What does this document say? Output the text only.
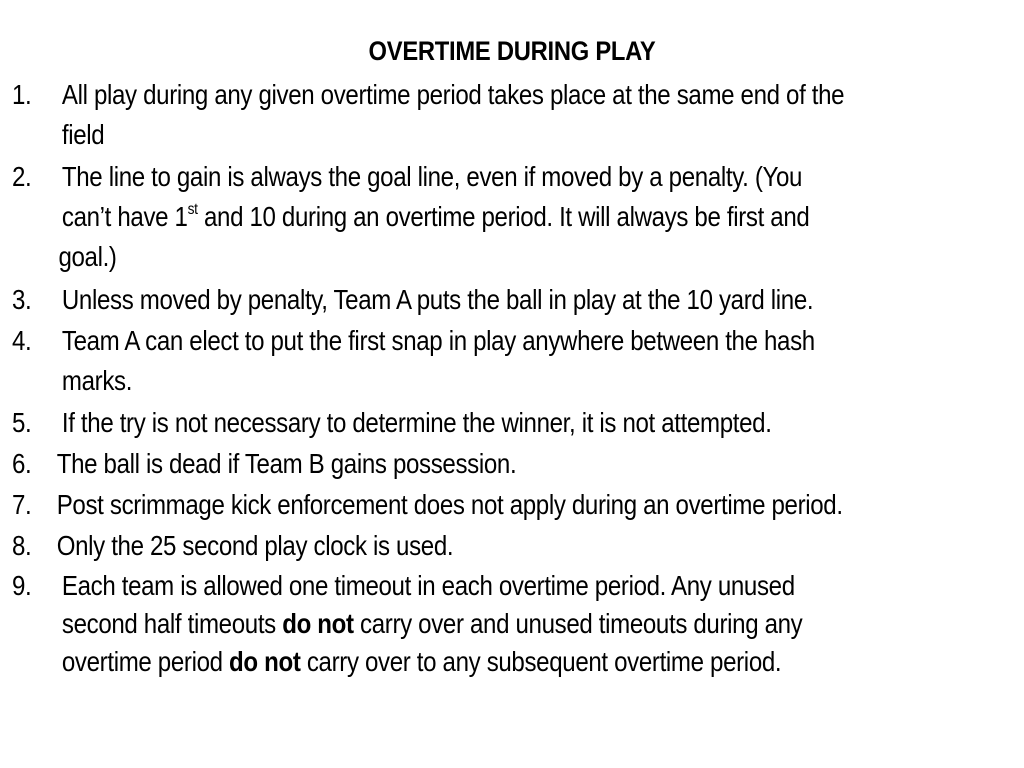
OVERTIME DURING PLAY
1. All play during any given overtime period takes place at the same end of the
field
2. The line to gain is always the goal line, even if moved by a penalty. (You
can’t have 1st and 10 during an overtime period. It will always be first and
goal.)
3. Unless moved by penalty, Team A puts the ball in play at the 10 yard line.
4. Team A can elect to put the first snap in play anywhere between the hash
marks.
5. If the try is not necessary to determine the winner, it is not attempted.
6. The ball is dead if Team B gains possession.
7. Post scrimmage kick enforcement does not apply during an overtime period.
8. Only the 25 second play clock is used.
9. Each team is allowed one timeout in each overtime period. Any unused
second half timeouts do not carry over and unused timeouts during any
overtime period do not carry over to any subsequent overtime period.
